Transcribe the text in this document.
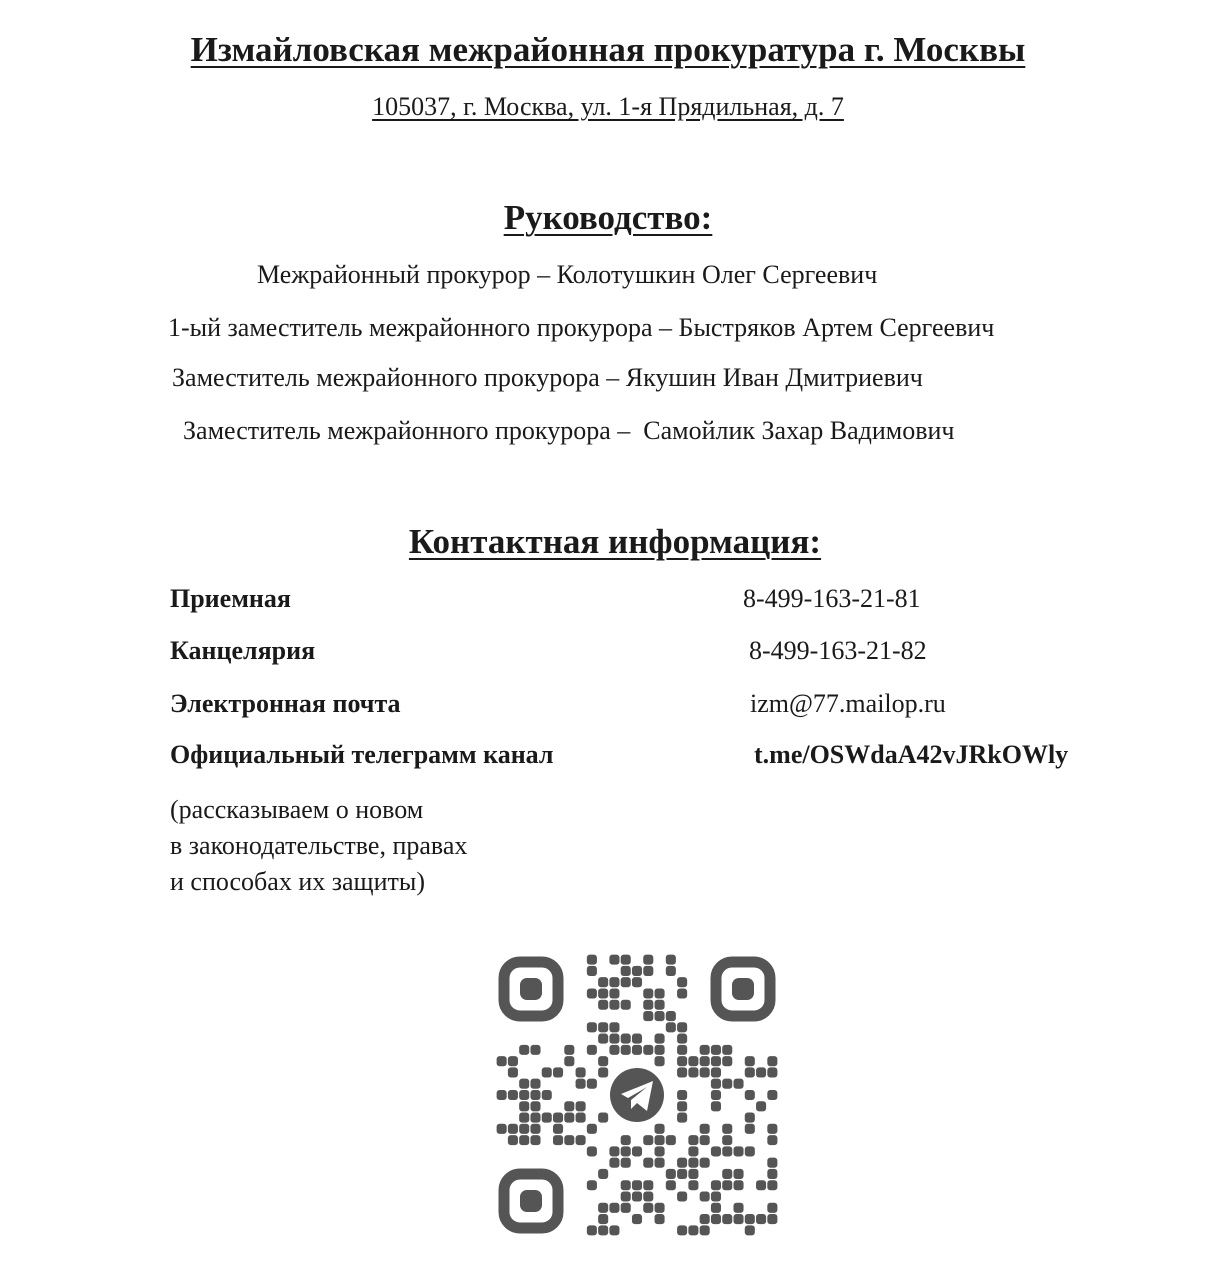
Измайловская межрайонная прокуратура г. Москвы
105037, г. Москва, ул. 1-я Прядильная, д. 7
Руководство:
Межрайонный прокурор – Колотушкин Олег Сергеевич
1-ый заместитель межрайонного прокурора – Быстряков Артем Сергеевич
Заместитель межрайонного прокурора – Якушин Иван Дмитриевич
Заместитель межрайонного прокурора –  Самойлик Захар Вадимович
Контактная информация:
Приемная	8-499-163-21-81
Канцелярия	8-499-163-21-82
Электронная почта	izm@77.mailop.ru
Официальный телеграмм канал	t.me/OSWdaA42vJRkOWly
(рассказываем о новом
в законодательстве, правах
и способах их защиты)
